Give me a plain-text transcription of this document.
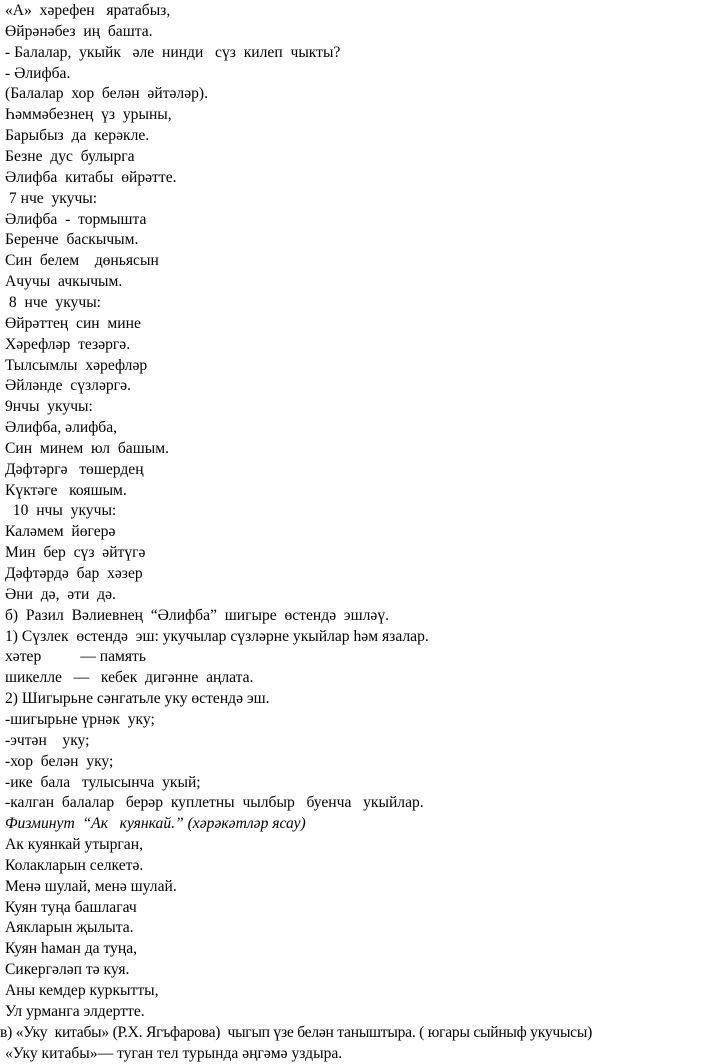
«А»  хәрефен   яратабыз,
Өйрәнәбез  иң  башта.
- Балалар,  укыйк   әле  нинди   сүз  килеп  чыкты?
- Әлифба.
(Балалар  хор  белән  әйтәләр).
Һәммәбезнең  үз  урыны,
Барыбыз  да  керәкле.
Безне  дус  булырга
Әлифба  китабы  өйрәтте.
7 нче  укучы:
Әлифба  -  тормышта
Беренче  баскычым.
Син  белем    дөньясын
Ачучы  ачкычым.
8  нче  укучы:
Өйрәттең  син  мине
Хәрефләр  тезәргә.
Тылсымлы  хәрефләр
Әйләнде  сүзләргә.
9нчы  укучы:
Әлифба, әлифба,
Син  минем  юл  башым.
Дәфтәргә   төшердең
Күктәге   кояшым.
10  нчы  укучы:
Каләмем  йөгерә
Мин  бер  сүз  әйтүгә
Дәфтәрдә  бар  хәзер
Әни  дә,  әти  дә.
б)  Разил  Вәлиевнең  “Әлифба”  шигыре  өстендә  эшләү.
1) Сүзлек  өстендә  эш: укучылар сүзләрне укыйлар һәм язалар.
хәтер          — память
шикелле   —   кебек  дигәнне  аңлата.
2) Шигырьне сәнгатьле уку өстендә эш.
-шигырьне үрнәк  уку;
-эчтән    уку;
-хор  белән  уку;
-ике  бала   тулысынча  укый;
-калган  балалар   берәр  куплетны  чылбыр   буенча   укыйлар.
Физминут  “Ак   куянкай.” (хәрәкәтләр ясау)
Ак куянкай утырган,
Колакларын селкетә.
Менә шулай, менә шулай.
Куян туңа башлагач
Аякларын җылыта.
Куян һаман да туңа,
Сикергәләп тә куя.
Аны кемдер куркытты,
Ул урманга элдертте.
в) «Уку  китабы» (Р.Х. Ягъфарова)  чыгып үзе белән таныштыра. ( югары сыйныф укучысы)
«Уку китабы»— туган тел турында әңгәмә уздыра.
